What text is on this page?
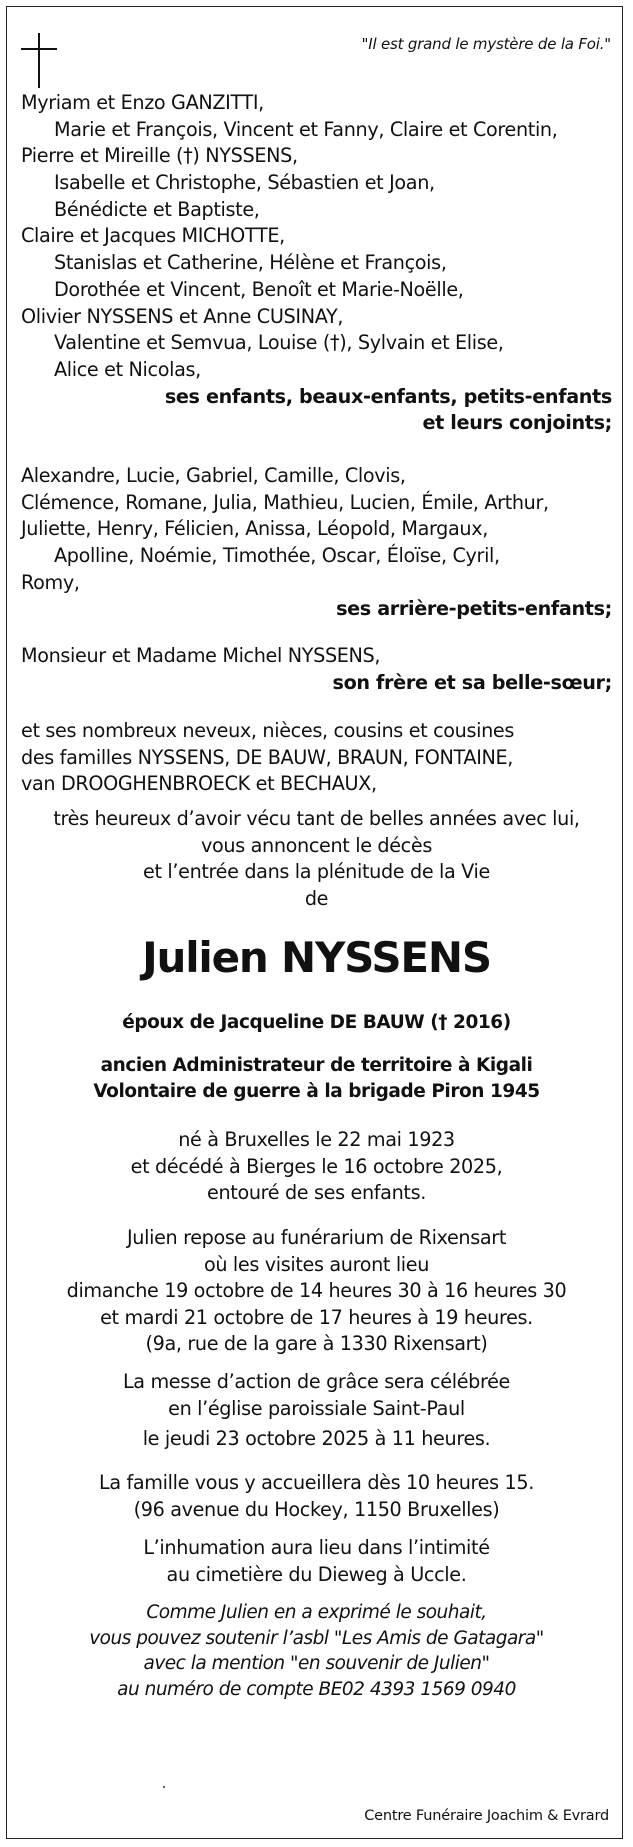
"Il est grand le mystère de la Foi."
Myriam et Enzo GANZITTI,
Marie et François, Vincent et Fanny, Claire et Corentin,
Pierre et Mireille (†) NYSSENS,
Isabelle et Christophe, Sébastien et Joan,
Bénédicte et Baptiste,
Claire et Jacques MICHOTTE,
Stanislas et Catherine, Hélène et François,
Dorothée et Vincent, Benoît et Marie-Noëlle,
Olivier NYSSENS et Anne CUSINAY,
Valentine et Semvua, Louise (†), Sylvain et Elise,
Alice et Nicolas,
ses enfants, beaux-enfants, petits-enfants
et leurs conjoints;
Alexandre, Lucie, Gabriel, Camille, Clovis,
Clémence, Romane, Julia, Mathieu, Lucien, Émile, Arthur,
Juliette, Henry, Félicien, Anissa, Léopold, Margaux,
Apolline, Noémie, Timothée, Oscar, Éloïse, Cyril,
Romy,
ses arrière-petits-enfants;
Monsieur et Madame Michel NYSSENS,
son frère et sa belle-sœur;
et ses nombreux neveux, nièces, cousins et cousines
des familles NYSSENS, DE BAUW, BRAUN, FONTAINE,
van DROOGHENBROECK et BECHAUX,
très heureux d’avoir vécu tant de belles années avec lui,
vous annoncent le décès
et l’entrée dans la plénitude de la Vie
de
Julien NYSSENS
époux de Jacqueline DE BAUW († 2016)
ancien Administrateur de territoire à Kigali
Volontaire de guerre à la brigade Piron 1945
né à Bruxelles le 22 mai 1923
et décédé à Bierges le 16 octobre 2025,
entouré de ses enfants.
Julien repose au funérarium de Rixensart
où les visites auront lieu
dimanche 19 octobre de 14 heures 30 à 16 heures 30
et mardi 21 octobre de 17 heures à 19 heures.
(9a, rue de la gare à 1330 Rixensart)
La messe d’action de grâce sera célébrée
en l’église paroissiale Saint-Paul
le jeudi 23 octobre 2025 à 11 heures.
La famille vous y accueillera dès 10 heures 15.
(96 avenue du Hockey, 1150 Bruxelles)
L’inhumation aura lieu dans l’intimité
au cimetière du Dieweg à Uccle.
Comme Julien en a exprimé le souhait,
vous pouvez soutenir l’asbl "Les Amis de Gatagara"
avec la mention "en souvenir de Julien"
au numéro de compte BE02 4393 1569 0940
Centre Funéraire Joachim & Evrard
